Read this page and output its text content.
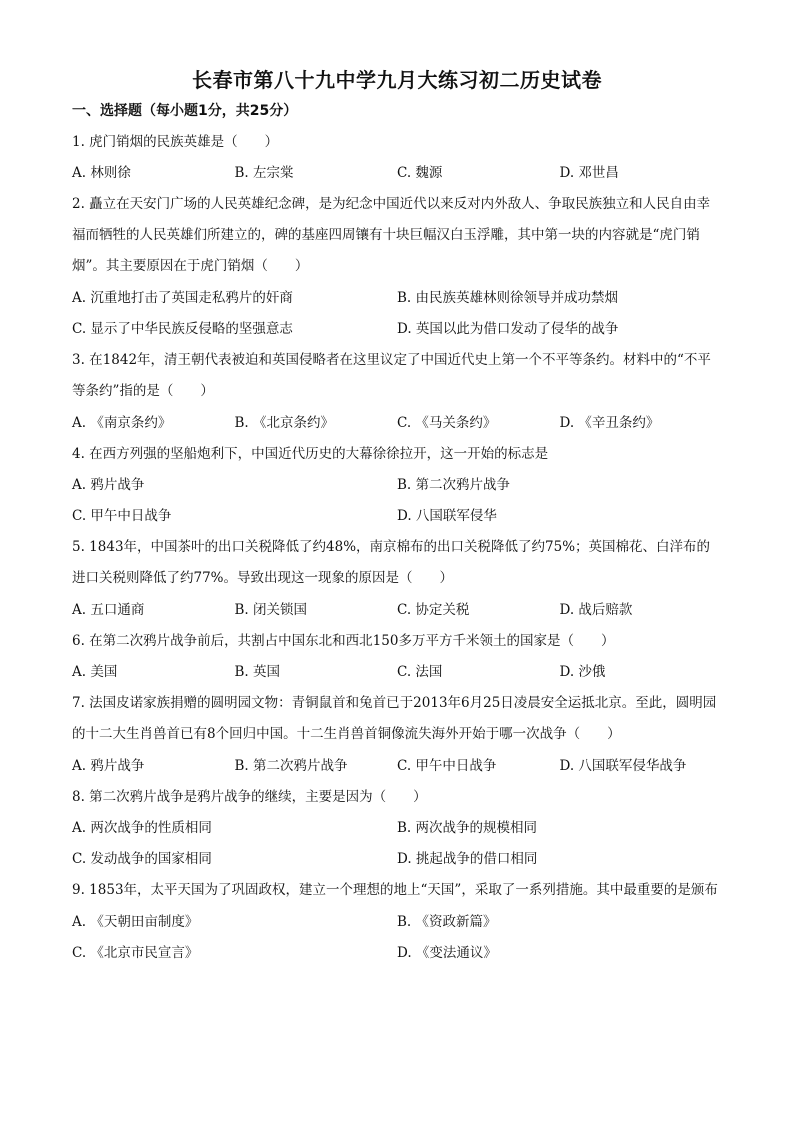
长春市第八十九中学九月大练习初二历史试卷
一、选择题（每小题1分，共25分）
1. 虎门销烟的民族英雄是（　　）
A. 林则徐	B. 左宗棠	C. 魏源	D. 邓世昌
2. 矗立在天安门广场的人民英雄纪念碑，是为纪念中国近代以来反对内外敌人、争取民族独立和人民自由幸福而牺牲的人民英雄们所建立的，碑的基座四周镶有十块巨幅汉白玉浮雕，其中第一块的内容就是“虎门销烟”。其主要原因在于虎门销烟（　　）
A. 沉重地打击了英国走私鸦片的奸商	B. 由民族英雄林则徐领导并成功禁烟
C. 显示了中华民族反侵略的坚强意志	D. 英国以此为借口发动了侵华的战争
3. 在1842年，清王朝代表被迫和英国侵略者在这里议定了中国近代史上第一个不平等条约。材料中的“不平等条约”指的是（　　）
A. 《南京条约》	B. 《北京条约》	C. 《马关条约》	D. 《辛丑条约》
4. 在西方列强的坚船炮利下，中国近代历史的大幕徐徐拉开，这一开始的标志是
A. 鸦片战争	B. 第二次鸦片战争
C. 甲午中日战争	D. 八国联军侵华
5. 1843年，中国茶叶的出口关税降低了约48%，南京棉布的出口关税降低了约75%；英国棉花、白洋布的进口关税则降低了约77%。导致出现这一现象的原因是（　　）
A. 五口通商	B. 闭关锁国	C. 协定关税	D. 战后赔款
6. 在第二次鸦片战争前后，共割占中国东北和西北150多万平方千米领土的国家是（　　）
A. 美国	B. 英国	C. 法国	D. 沙俄
7. 法国皮诺家族捐赠的圆明园文物：青铜鼠首和兔首已于2013年6月25日凌晨安全运抵北京。至此，圆明园的十二大生肖兽首已有8个回归中国。十二生肖兽首铜像流失海外开始于哪一次战争（　　）
A. 鸦片战争	B. 第二次鸦片战争	C. 甲午中日战争	D. 八国联军侵华战争
8. 第二次鸦片战争是鸦片战争的继续，主要是因为（　　）
A. 两次战争的性质相同	B. 两次战争的规模相同
C. 发动战争的国家相同	D. 挑起战争的借口相同
9. 1853年，太平天国为了巩固政权，建立一个理想的地上“天国”，采取了一系列措施。其中最重要的是颁布
A. 《天朝田亩制度》	B. 《资政新篇》
C. 《北京市民宣言》	D. 《变法通议》
